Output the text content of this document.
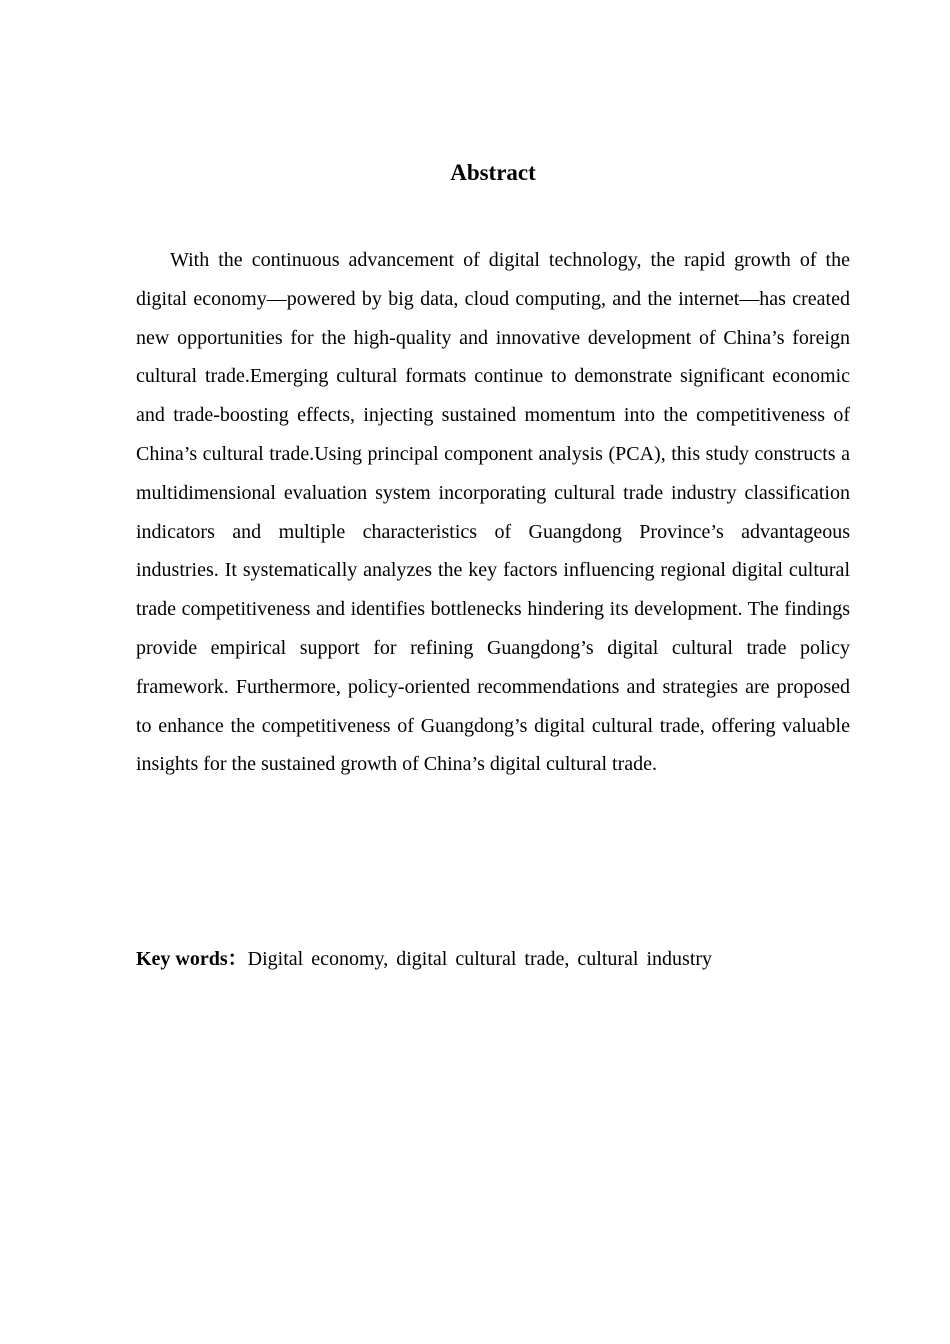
Abstract

With the continuous advancement of digital technology, the rapid growth of the digital economy—powered by big data, cloud computing, and the internet—has created new opportunities for the high-quality and innovative development of China’s foreign cultural trade.Emerging cultural formats continue to demonstrate significant economic and trade-boosting effects, injecting sustained momentum into the competitiveness of China’s cultural trade.Using principal component analysis (PCA), this study constructs a multidimensional evaluation system incorporating cultural trade industry classification indicators and multiple characteristics of Guangdong Province’s advantageous industries. It systematically analyzes the key factors influencing regional digital cultural trade competitiveness and identifies bottlenecks hindering its development. The findings provide empirical support for refining Guangdong’s digital cultural trade policy framework. Furthermore, policy-oriented recommendations and strategies are proposed to enhance the competitiveness of Guangdong’s digital cultural trade, offering valuable insights for the sustained growth of China’s digital cultural trade.

Key words：Digital economy, digital cultural trade, cultural industry
